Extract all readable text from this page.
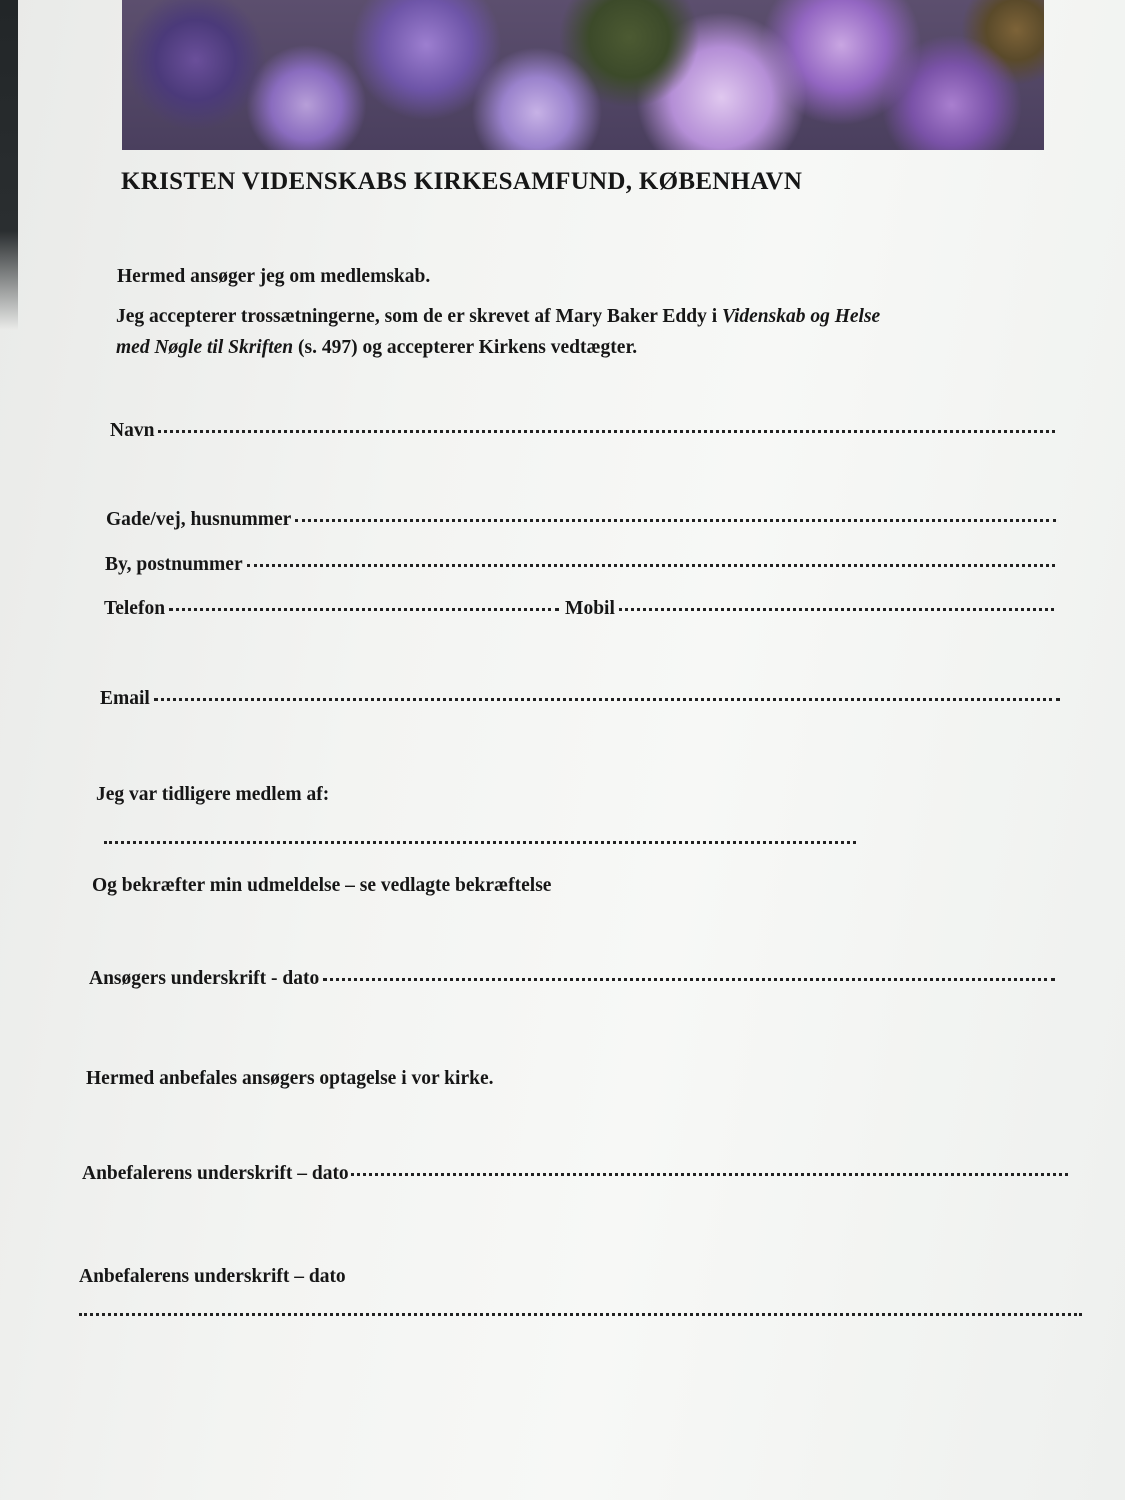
KRISTEN VIDENSKABS KIRKESAMFUND, KØBENHAVN
Hermed ansøger jeg om medlemskab.
Jeg accepterer trossætningerne, som de er skrevet af Mary Baker Eddy i Videnskab og Helse
med Nøgle til Skriften (s. 497) og accepterer Kirkens vedtægter.
Navn
Gade/vej, husnummer
By, postnummer
Telefon	Mobil
Email
Jeg var tidligere medlem af:
Og bekræfter min udmeldelse – se vedlagte bekræftelse
Ansøgers underskrift - dato
Hermed anbefales ansøgers optagelse i vor kirke.
Anbefalerens underskrift – dato
Anbefalerens underskrift – dato
